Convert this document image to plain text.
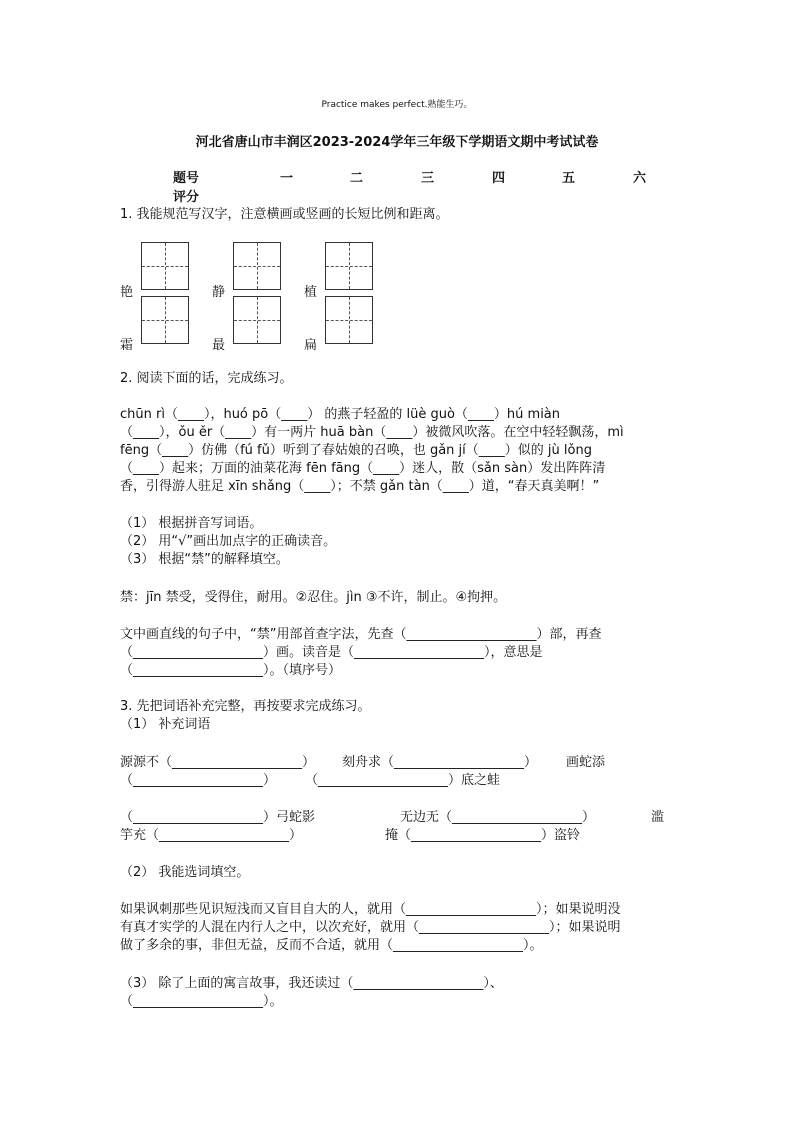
Practice makes perfect.熟能生巧。
河北省唐山市丰润区2023-2024学年三年级下学期语文期中考试试卷
题号	一	二	三	四	五	六
评分
1. 我能规范写汉字，注意横画或竖画的长短比例和距离。
艳	静	植
霜	最	扁
2. 阅读下面的话，完成练习。
chūn rì（____），huó pō（____） 的燕子轻盈的 lüè guò（____）hú miàn
（____），ǒu ěr（____）有一两片 huā bàn（____）被微风吹落。在空中轻轻飘荡，mì
fēng（____）仿佛（fú fǔ）听到了春姑娘的召唤，也 gǎn jí（____）似的 jù lǒng
（____）起来；万面的油菜花海 fēn fāng（____）迷人，散（sǎn sàn）发出阵阵清
香，引得游人驻足 xīn shǎng（____）；不禁 gǎn tàn（____）道，“春天真美啊！”
（1） 根据拼音写词语。
（2） 用“√”画出加点字的正确读音。
（3） 根据“禁”的解释填空。
禁：jīn 禁受，受得住，耐用。②忍住。jìn ③不许，制止。④拘押。
文中画直线的句子中，“禁”用部首查字法，先查（____________________）部，再查
（____________________）画。读音是（____________________），意思是
（____________________）。（填序号）
3. 先把词语补充完整，再按要求完成练习。
（1） 补充词语
源源不（____________________） 刻舟求（____________________） 画蛇添
（____________________） （____________________）底之蛙
（____________________）弓蛇影	无边无（____________________）	滥
竽充（____________________）	掩（____________________）盗铃
（2） 我能选词填空。
如果讽刺那些见识短浅而又盲目自大的人，就用（____________________）；如果说明没
有真才实学的人混在内行人之中，以次充好，就用（____________________）；如果说明
做了多余的事，非但无益，反而不合适，就用（____________________）。
（3） 除了上面的寓言故事，我还读过（____________________）、
（____________________）。
